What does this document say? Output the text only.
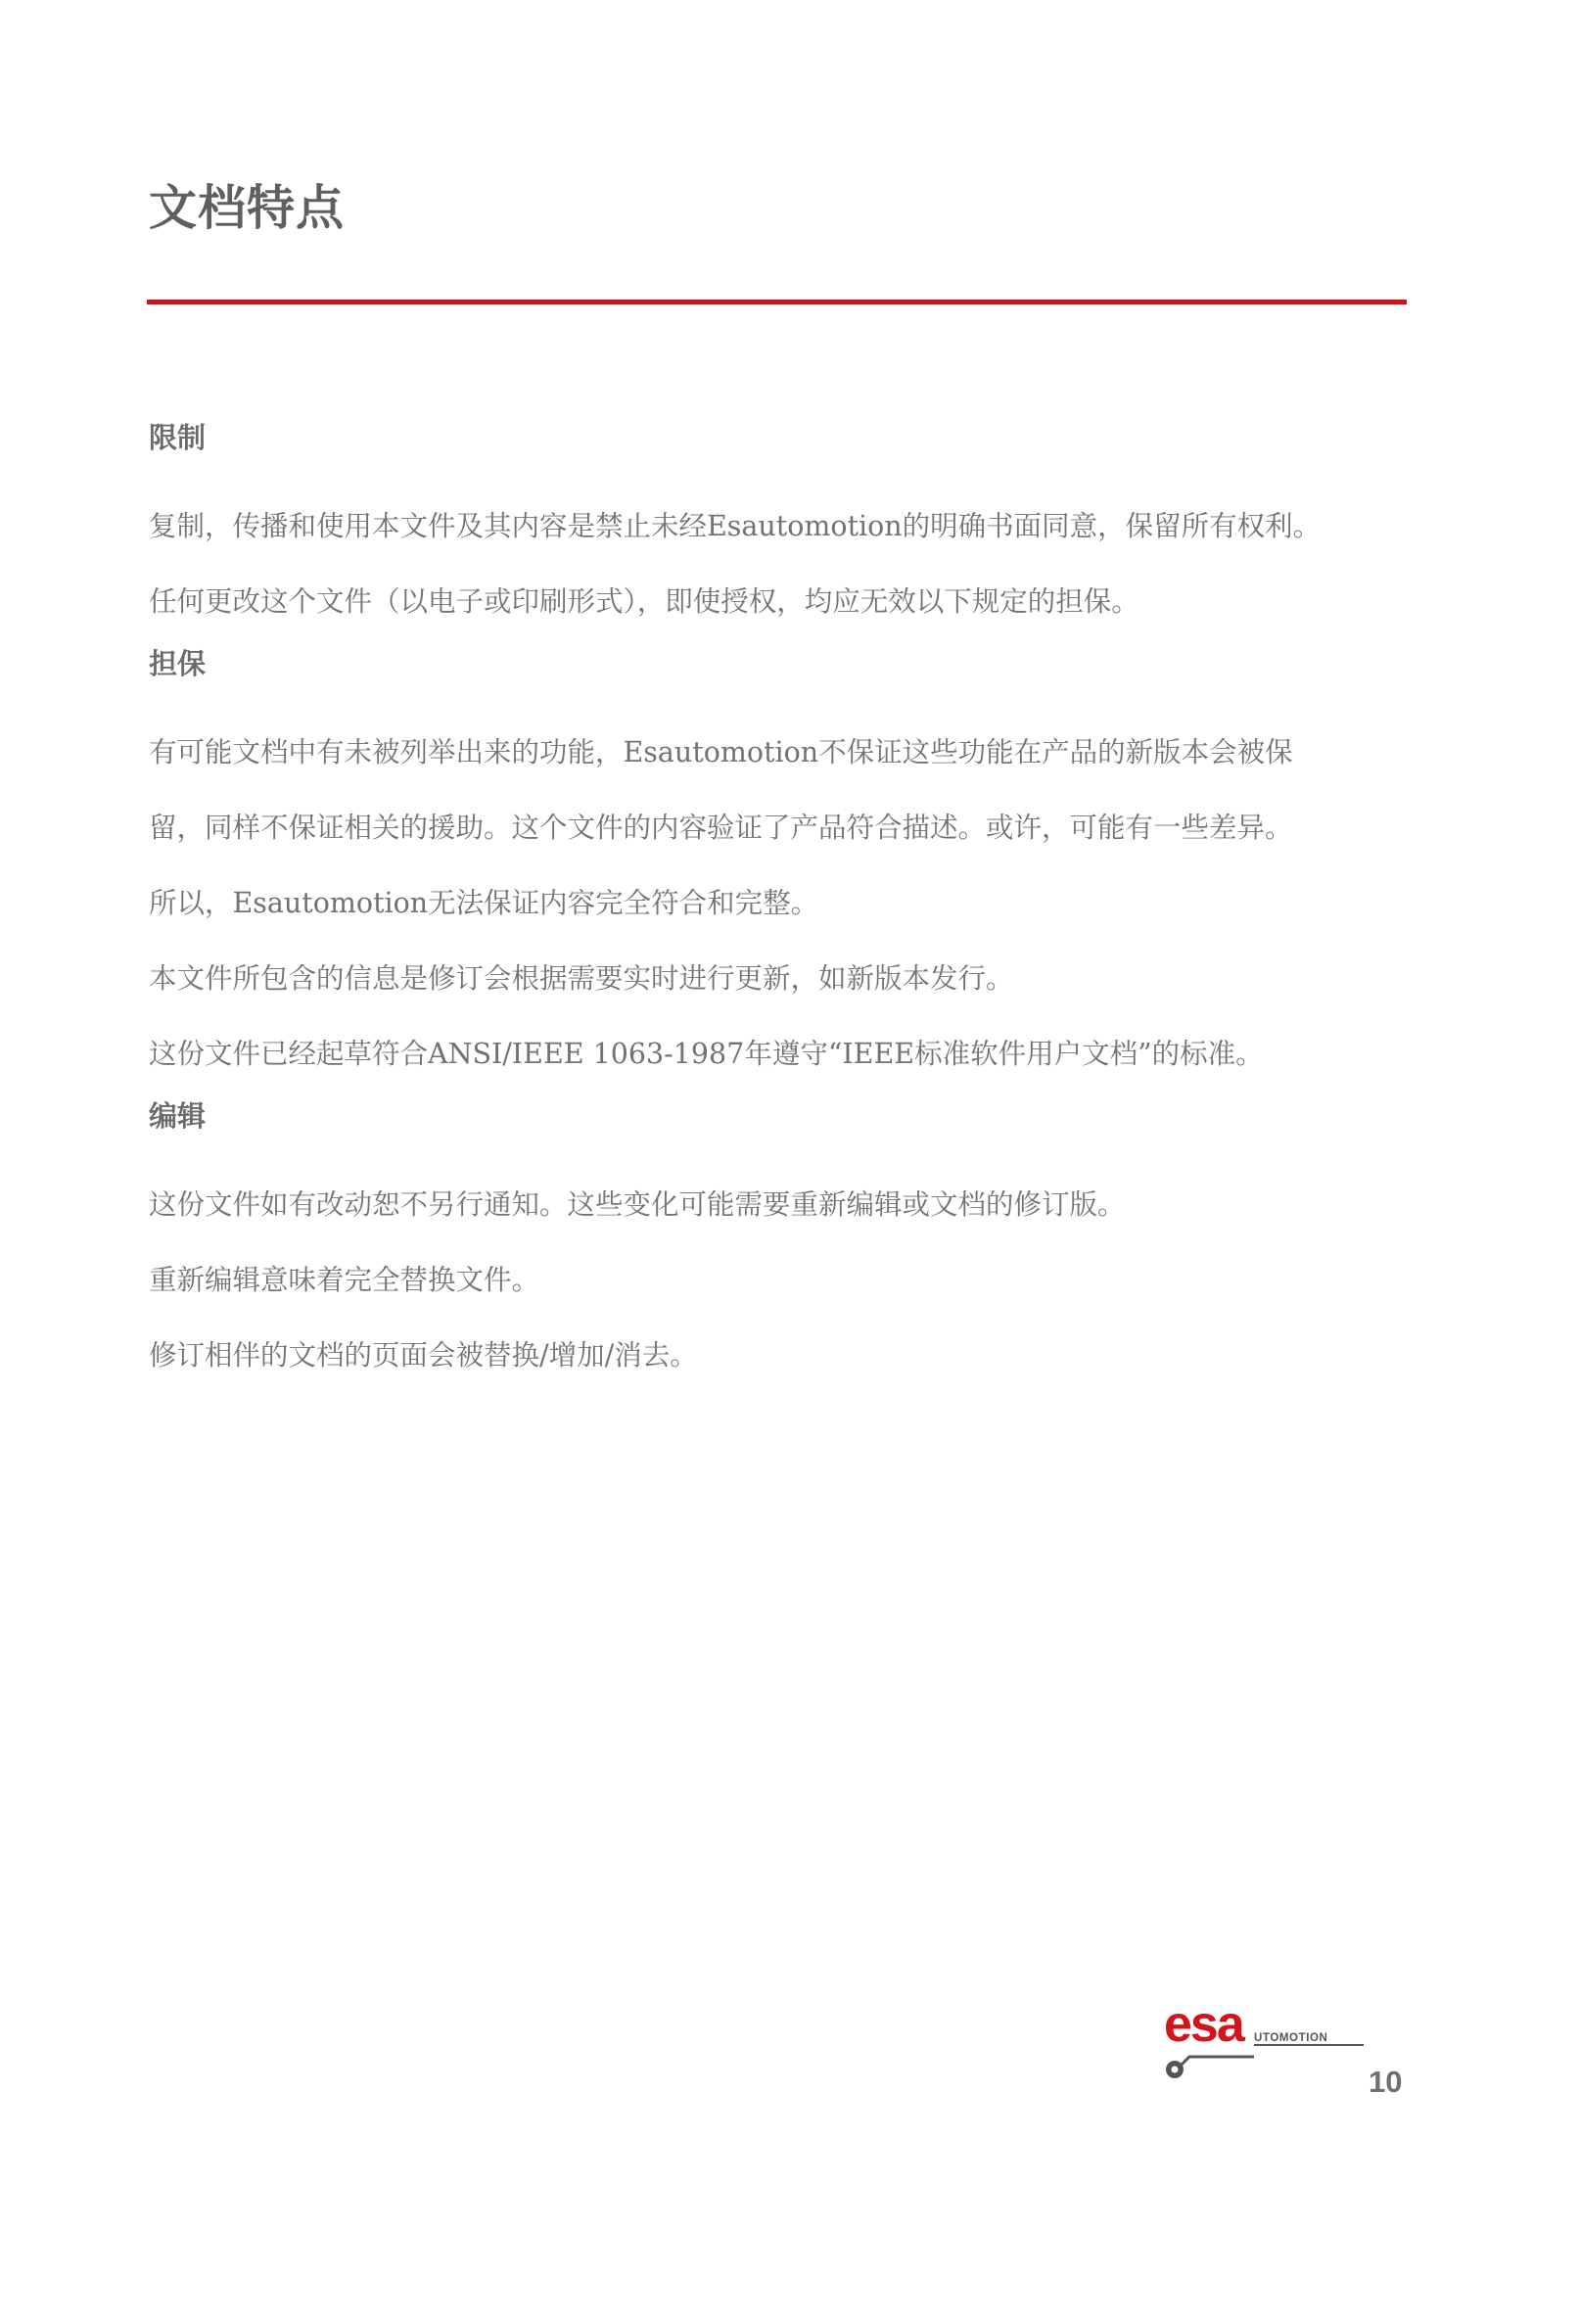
文档特点
限制
复制，传播和使用本文件及其内容是禁止未经Esautomotion的明确书面同意，保留所有权利。
任何更改这个文件（以电子或印刷形式），即使授权，均应无效以下规定的担保。
担保
有可能文档中有未被列举出来的功能，Esautomotion不保证这些功能在产品的新版本会被保
留，同样不保证相关的援助。这个文件的内容验证了产品符合描述。或许，可能有一些差异。
所以，Esautomotion无法保证内容完全符合和完整。
本文件所包含的信息是修订会根据需要实时进行更新，如新版本发行。
这份文件已经起草符合ANSI/IEEE 1063-1987年遵守“IEEE标准软件用户文档”的标准。
编辑
这份文件如有改动恕不另行通知。这些变化可能需要重新编辑或文档的修订版。
重新编辑意味着完全替换文件。
修订相伴的文档的页面会被替换/增加/消去。
esa UTOMOTION
10
